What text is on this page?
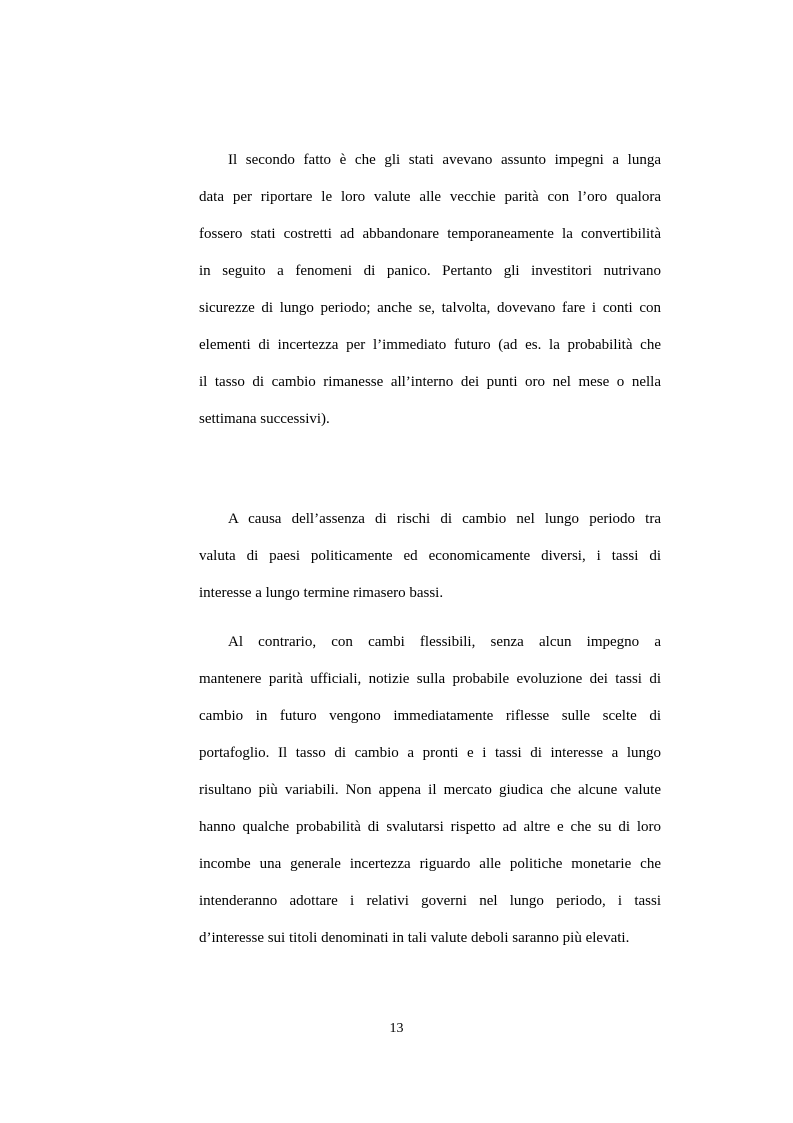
Il secondo fatto è che gli stati avevano assunto impegni a lunga
data per riportare le loro valute alle vecchie parità con l’oro qualora
fossero stati costretti ad abbandonare temporaneamente la convertibilità
in seguito a fenomeni di panico. Pertanto gli investitori nutrivano
sicurezze di lungo periodo; anche se, talvolta, dovevano fare i conti con
elementi di incertezza per l’immediato futuro (ad es. la probabilità che
il tasso di cambio rimanesse all’interno dei punti oro nel mese o nella
settimana successivi).

A causa dell’assenza di rischi di cambio nel lungo periodo tra
valuta di paesi politicamente ed economicamente diversi, i tassi di
interesse a lungo termine rimasero bassi.

Al contrario, con cambi flessibili, senza alcun impegno a
mantenere parità ufficiali, notizie sulla probabile evoluzione dei tassi di
cambio in futuro vengono immediatamente riflesse sulle scelte di
portafoglio. Il tasso di cambio a pronti e i tassi di interesse a lungo
risultano più variabili. Non appena il mercato giudica che alcune valute
hanno qualche probabilità di svalutarsi rispetto ad altre e che su di loro
incombe una generale incertezza riguardo alle politiche monetarie che
intenderanno adottare i relativi governi nel lungo periodo, i tassi
d’interesse sui titoli denominati in tali valute deboli saranno più elevati.

13
